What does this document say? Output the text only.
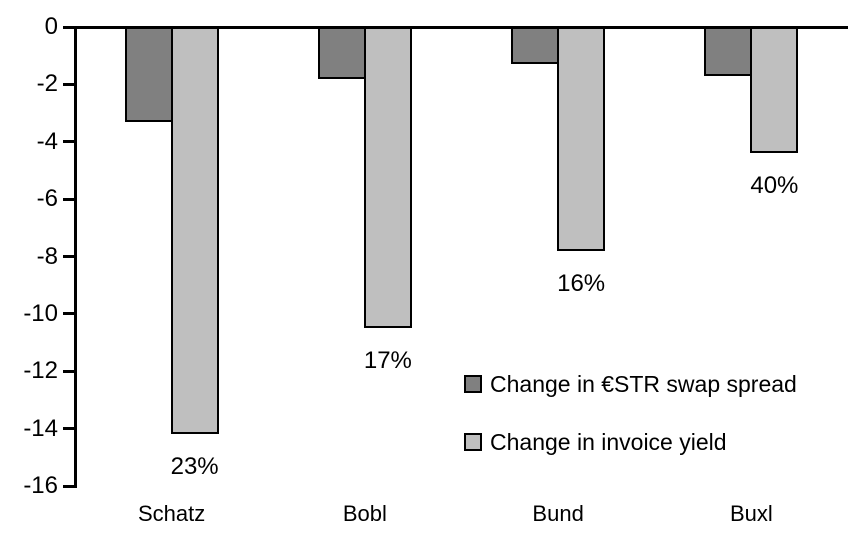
0
-2
-4
-6
-8
-10
-12
-14
-16
23%
17%
16%
40%
Schatz	Bobl	Bund	Buxl
Change in €STR swap spread
Change in invoice yield
